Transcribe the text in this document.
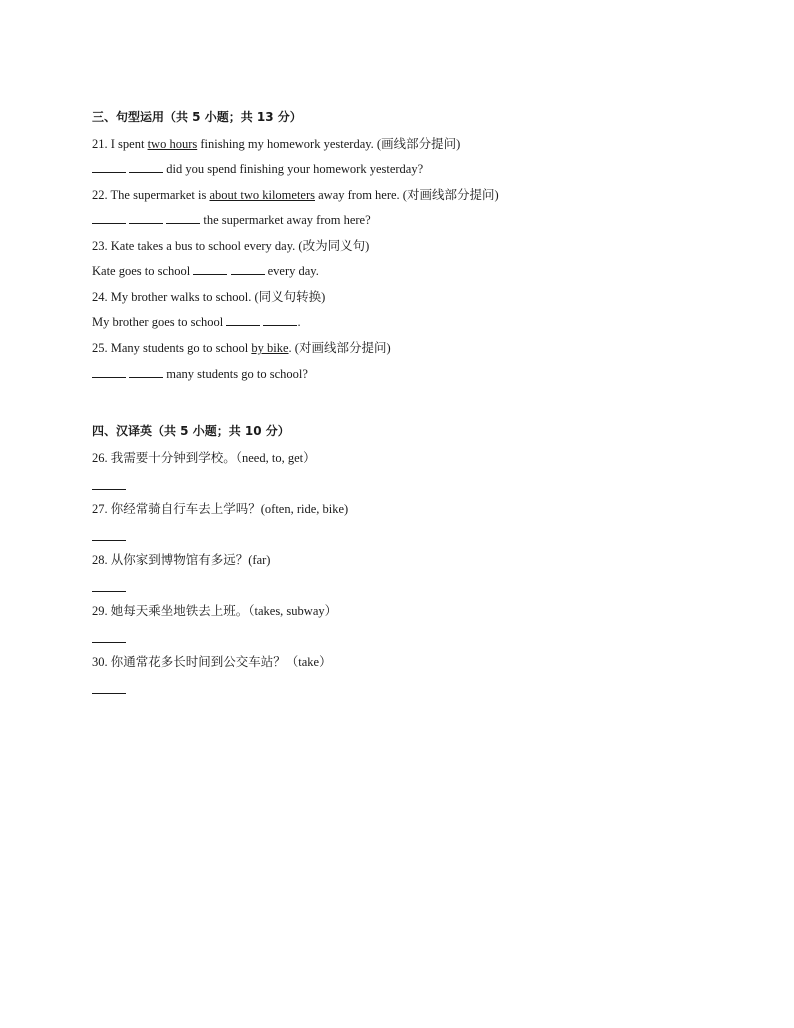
三、句型运用（共 5 小题；共 13 分）
21. I spent two hours finishing my homework yesterday. (画线部分提问)
did you spend finishing your homework yesterday?
22. The supermarket is about two kilometers away from here. (对画线部分提问)
the supermarket away from here?
23. Kate takes a bus to school every day. (改为同义句)
Kate goes to school	every day.
24. My brother walks to school. (同义句转换)
My brother goes to school	.
25. Many students go to school by bike. (对画线部分提问)
many students go to school?
四、汉译英（共 5 小题；共 10 分）
26. 我需要十分钟到学校。（need, to, get）
27. 你经常骑自行车去上学吗？(often, ride, bike)
28. 从你家到博物馆有多远？(far)
29. 她每天乘坐地铁去上班。（takes, subway）
30. 你通常花多长时间到公交车站？（take）
